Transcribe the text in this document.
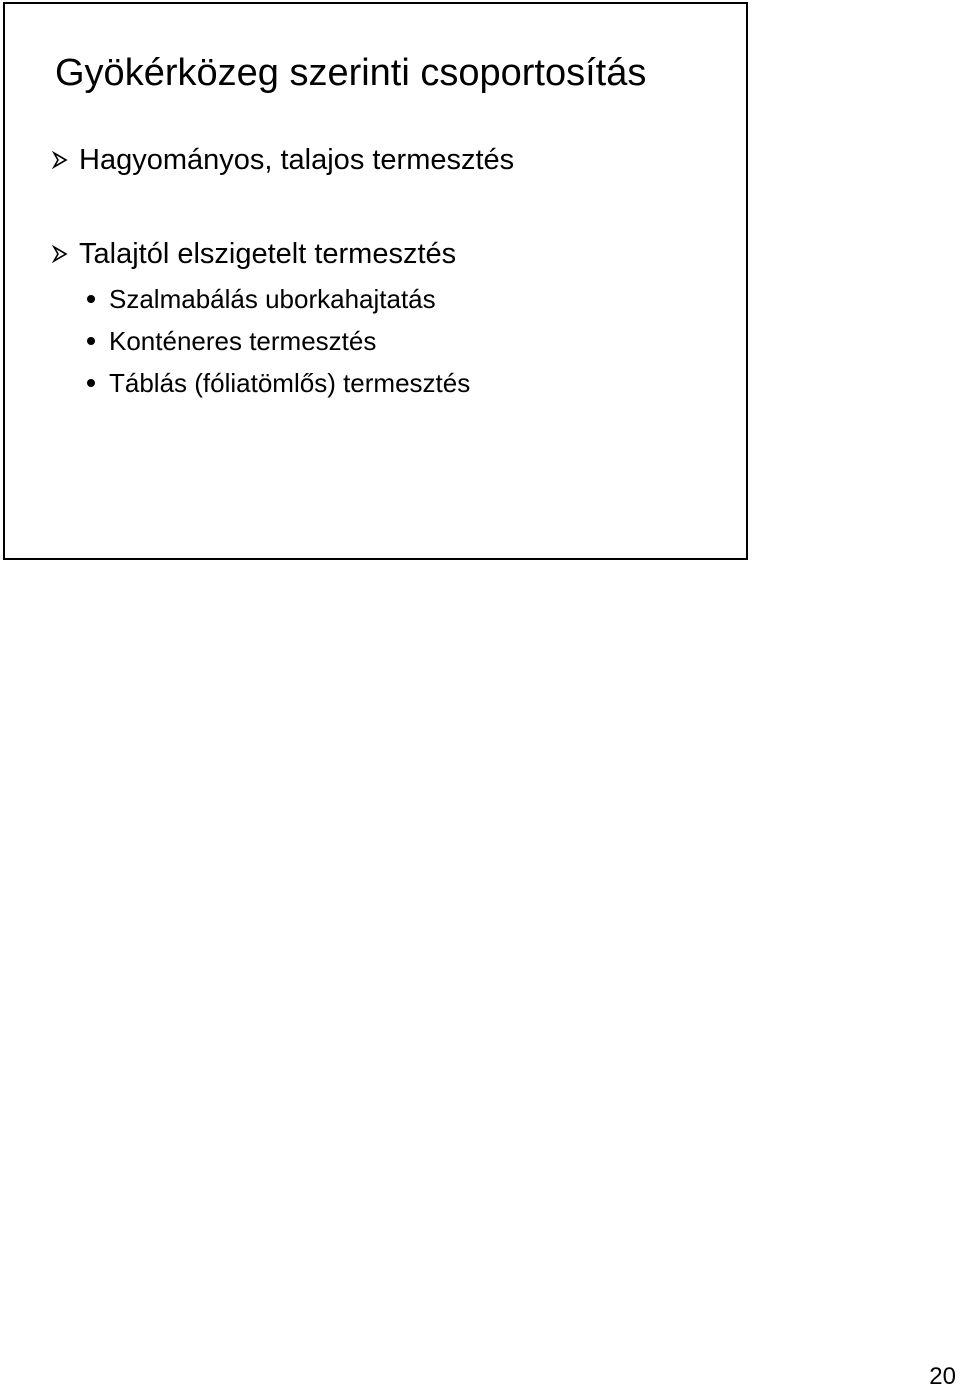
Gyökérközeg szerinti csoportosítás
Hagyományos, talajos termesztés
Talajtól elszigetelt termesztés
Szalmabálás uborkahajtatás
Konténeres termesztés
Táblás (fóliatömlős) termesztés
20
